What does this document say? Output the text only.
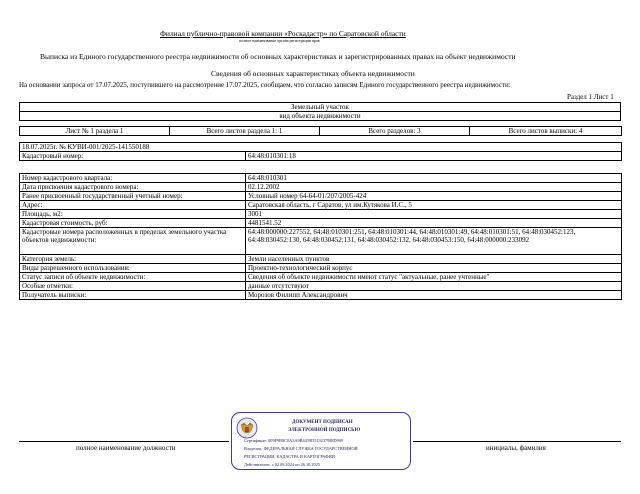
Филиал публично-правовой компании «Роскадастр» по Саратовской области
полное наименование органа регистрации прав
Выписка из Единого государственного реестра недвижимости об основных характеристиках и зарегистрированных правах на объект недвижимости
Сведения об основных характеристиках объекта недвижимости
На основании запроса от 17.07.2025, поступившего на рассмотрение 17.07.2025, сообщаем, что согласно записям Единого государственного реестра недвижимости:
Раздел 1 Лист 1
Земельный участок
вид объекта недвижимости
Лист № 1 раздела 1	Всего листов раздела 1: 1	Всего разделов: 3	Всего листов выписки: 4
18.07.2025г. № КУВИ-001/2025-141550188
Кадастровый номер:	64:48:010301:18
Номер кадастрового квартала:	64:48:010301
Дата присвоения кадастрового номера:	02.12.2002
Ранее присвоенный государственный учетный номер:	Условный номер 64-64-01/207/2005-424
Адрес:	Саратовская область, г Саратов, ул им.Кутякова И.С., 5
Площадь, м2:	3001
Кадастровая стоимость, руб:	4481541.52
Кадастровые номера расположенных в пределах земельного участка объектов недвижимости:	64:48:000000:227552, 64:48:010301:251, 64:48:010301:44, 64:48:010301:49, 64:48:010301:51, 64:48:030452:123, 64:48:030452:130, 64:48:030452:131, 64:48:030452:132, 64:48:030453:150, 64:48:000000:233092
Категория земель:	Земли населенных пунктов
Виды разрешенного использования:	Проектно-технологический корпус
Статус записи об объекте недвижимости:	Сведения об объекте недвижимости имеют статус "актуальные, ранее учтенные"
Особые отметки:	данные отсутствуют
Получатель выписки:	Морозов Филипп Александрович
полное наименование должности	инициалы, фамилия
ДОКУМЕНТ ПОДПИСАН
ЭЛЕКТРОННОЙ ПОДПИСЬЮ
Сертификат: 009F9B8C0A3A9B4459D519237988D909
Владелец: ФЕДЕРАЛЬНАЯ СЛУЖБА ГОСУДАРСТВЕННОЙ
РЕГИСТРАЦИИ, КАДАСТРА И КАРТОГРАФИИ
Действителен: с 02.08.2024 по 26.10.2025
